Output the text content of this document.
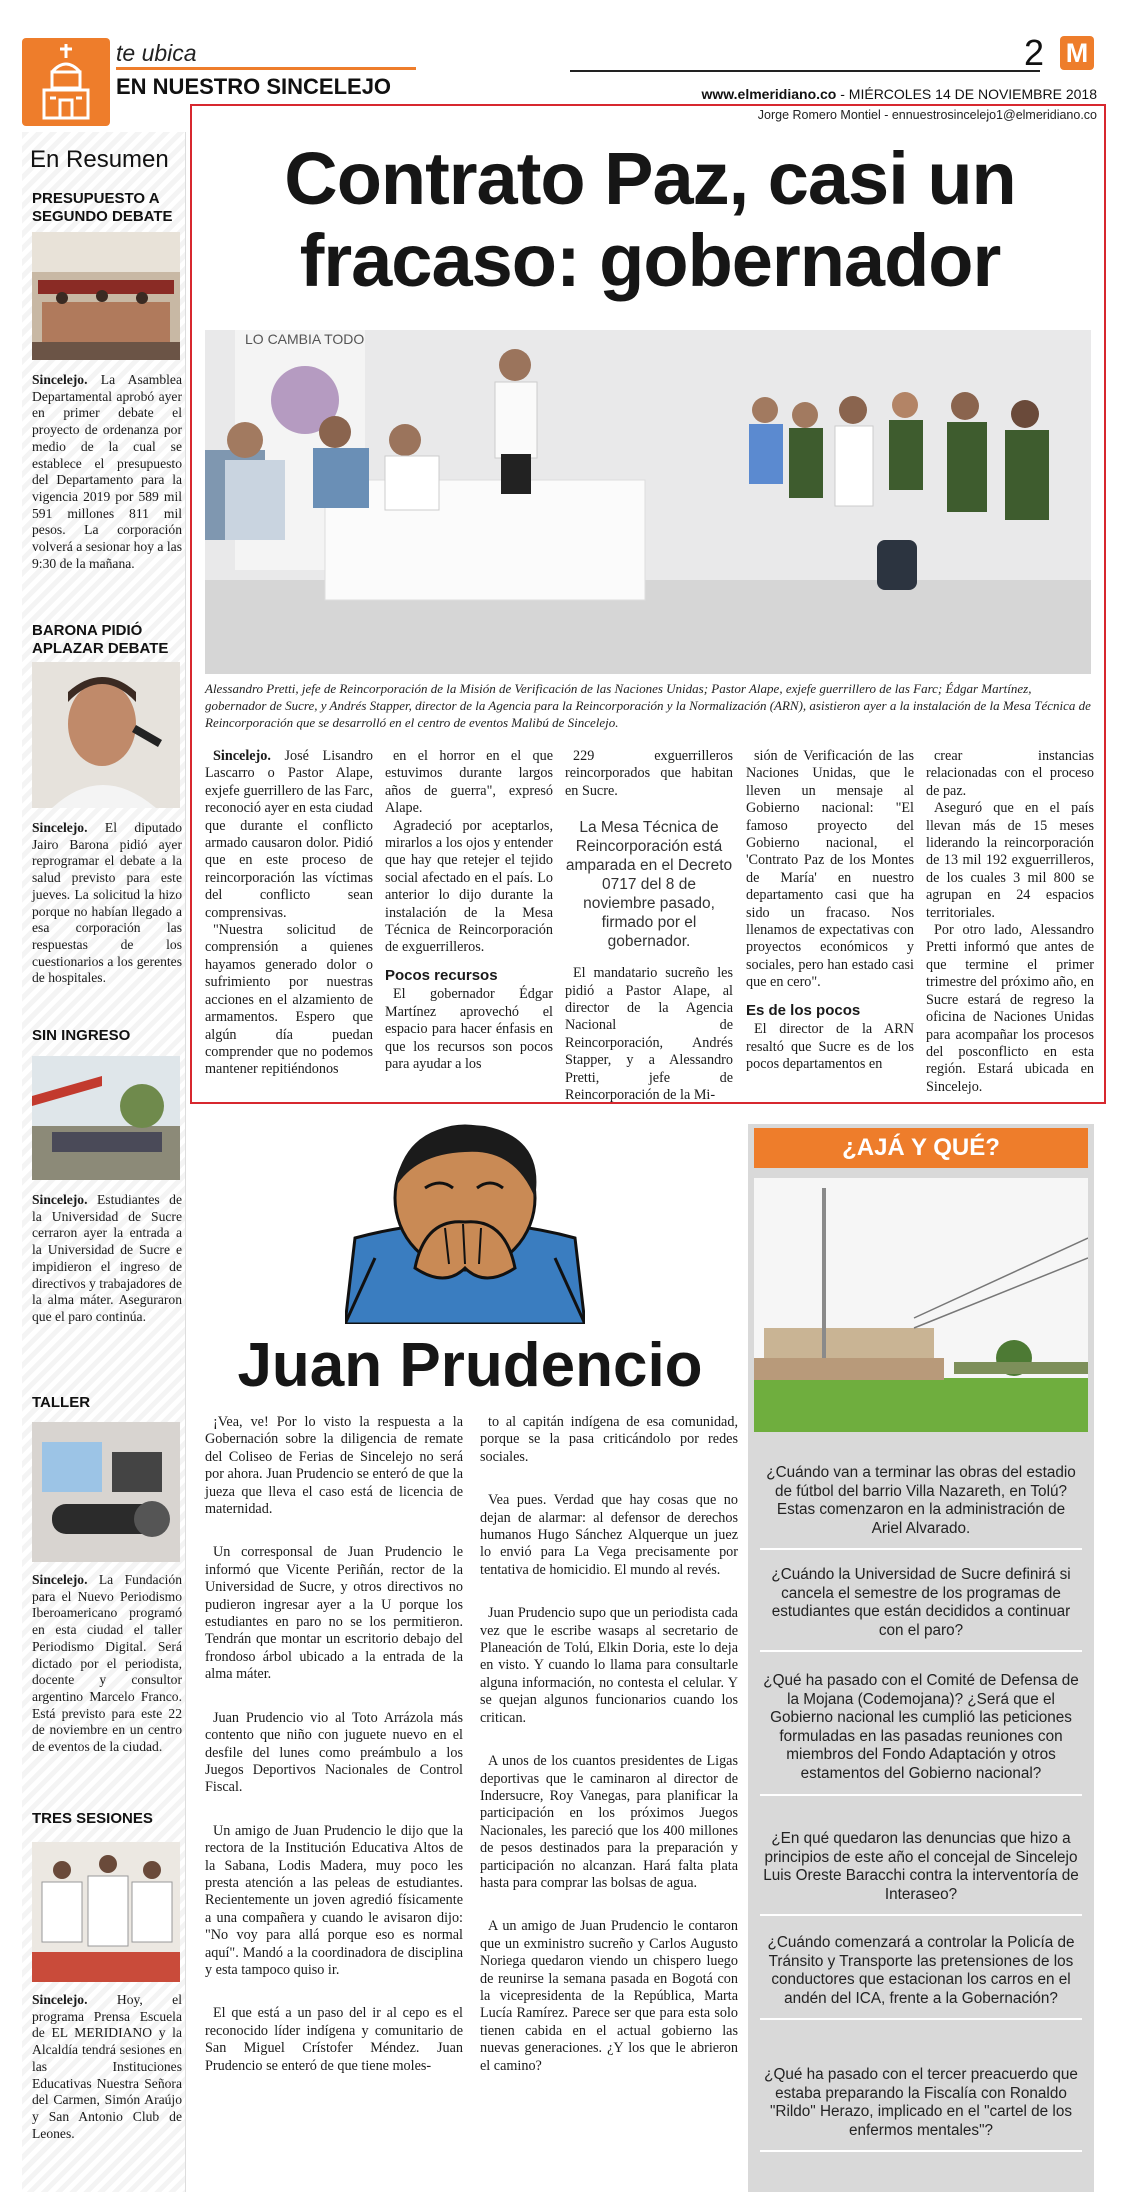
te ubica
EN NUESTRO SINCELEJO
2 M
www.elmeridiano.co - MIÉRCOLES 14 DE NOVIEMBRE 2018
En Resumen
PRESUPUESTO A SEGUNDO DEBATE
Sincelejo. La Asamblea Departamental aprobó ayer en primer debate el proyecto de ordenanza por medio de la cual se establece el presupuesto del Departamento para la vigencia 2019 por 589 mil 591 millones 811 mil pesos. La corporación volverá a sesionar hoy a las 9:30 de la mañana.
BARONA PIDIÓ APLAZAR DEBATE
Sincelejo. El diputado Jairo Barona pidió ayer reprogramar el debate a la salud previsto para este jueves. La solicitud la hizo porque no habían llegado a esa corporación las respuestas de los cuestionarios a los gerentes de hospitales.
SIN INGRESO
Sincelejo. Estudiantes de la Universidad de Sucre cerraron ayer la entrada a la Universidad de Sucre e impidieron el ingreso de directivos y trabajadores de la alma máter. Aseguraron que el paro continúa.
TALLER
Sincelejo. La Fundación para el Nuevo Periodismo Iberoamericano programó en esta ciudad el taller Periodismo Digital. Será dictado por el periodista, docente y consultor argentino Marcelo Franco. Está previsto para este 22 de noviembre en un centro de eventos de la ciudad.
TRES SESIONES
Sincelejo. Hoy, el programa Prensa Escuela de EL MERIDIANO y la Alcaldía tendrá sesiones en las Instituciones Educativas Nuestra Señora del Carmen, Simón Araújo y San Antonio Club de Leones.
Jorge Romero Montiel - ennuestrosincelejo1@elmeridiano.co
Contrato Paz, casi un fracaso: gobernador
LO CAMBIA TODO
Alessandro Pretti, jefe de Reincorporación de la Misión de Verificación de las Naciones Unidas; Pastor Alape, exjefe guerrillero de las Farc; Édgar Martínez, gobernador de Sucre, y Andrés Stapper, director de la Agencia para la Reincorporación y la Normalización (ARN), asistieron ayer a la instalación de la Mesa Técnica de Reincorporación que se desarrolló en el centro de eventos Malibú de Sincelejo.

Sincelejo. José Lisandro Lascarro o Pastor Alape, exjefe guerrillero de las Farc, reconoció ayer en esta ciudad que durante el conflicto armado causaron dolor. Pidió que en este proceso de reincorporación las víctimas del conflicto sean comprensivas.

"Nuestra solicitud de comprensión a quienes hayamos generado dolor o sufrimiento por nuestras acciones en el alzamiento de armamentos. Espero que algún día puedan comprender que no podemos mantener repitiéndonos

en el horror en el que estuvimos durante largos años de guerra", expresó Alape.

Agradeció por aceptarlos, mirarlos a los ojos y entender que hay que retejer el tejido social afectado en el país. Lo anterior lo dijo durante la instalación de la Mesa Técnica de Reincorporación de exguerrilleros.

Pocos recursos

El gobernador Édgar Martínez aprovechó el espacio para hacer énfasis en que los recursos son pocos para ayudar a los

229 exguerrilleros reincorporados que habitan en Sucre.

La Mesa Técnica de Reincorporación está amparada en el Decreto 0717 del 8 de noviembre pasado, firmado por el gobernador.

El mandatario sucreño les pidió a Pastor Alape, al director de la Agencia Nacional de Reincorporación, Andrés Stapper, y a Alessandro Pretti, jefe de Reincorporación de la Mi-

sión de Verificación de las Naciones Unidas, que le lleven un mensaje al Gobierno nacional: "El famoso proyecto del Gobierno nacional, el 'Contrato Paz de los Montes de María' en nuestro departamento casi que ha sido un fracaso. Nos llenamos de expectativas con proyectos económicos y sociales, pero han estado casi que en cero".

Es de los pocos

El director de la ARN resaltó que Sucre es de los pocos departamentos en

crear instancias relacionadas con el proceso de paz.

Aseguró que en el país llevan más de 15 meses liderando la reincorporación de 13 mil 192 exguerrilleros, de los cuales 3 mil 800 se agrupan en 24 espacios territoriales.

Por otro lado, Alessandro Pretti informó que antes de que termine el primer trimestre del próximo año, en Sucre estará de regreso la oficina de Naciones Unidas para acompañar los procesos del posconflicto en esta región. Estará ubicada en Sincelejo.

Juan Prudencio

¡Vea, ve! Por lo visto la respuesta a la Gobernación sobre la diligencia de remate del Coliseo de Ferias de Sincelejo no será por ahora. Juan Prudencio se enteró de que la jueza que lleva el caso está de licencia de maternidad.

Un corresponsal de Juan Prudencio le informó que Vicente Periñán, rector de la Universidad de Sucre, y otros directivos no pudieron ingresar ayer a la U porque los estudiantes en paro no se los permitieron. Tendrán que montar un escritorio debajo del frondoso árbol ubicado a la entrada de la alma máter.

Juan Prudencio vio al Toto Arrázola más contento que niño con juguete nuevo en el desfile del lunes como preámbulo a los Juegos Deportivos Nacionales de Control Fiscal.

Un amigo de Juan Prudencio le dijo que la rectora de la Institución Educativa Altos de la Sabana, Lodis Madera, muy poco les presta atención a las peleas de estudiantes. Recientemente un joven agredió físicamente a una compañera y cuando le avisaron dijo: "No voy para allá porque eso es normal aquí". Mandó a la coordinadora de disciplina y esta tampoco quiso ir.

El que está a un paso del ir al cepo es el reconocido líder indígena y comunitario de San Miguel Crístofer Méndez. Juan Prudencio se enteró de que tiene moles-

to al capitán indígena de esa comunidad, porque se la pasa criticándolo por redes sociales.

Vea pues. Verdad que hay cosas que no dejan de alarmar: al defensor de derechos humanos Hugo Sánchez Alquerque un juez lo envió para La Vega precisamente por tentativa de homicidio. El mundo al revés.

Juan Prudencio supo que un periodista cada vez que le escribe wasaps al secretario de Planeación de Tolú, Elkin Doria, este lo deja en visto. Y cuando lo llama para consultarle alguna información, no contesta el celular. Y se quejan algunos funcionarios cuando los critican.

A unos de los cuantos presidentes de Ligas deportivas que le caminaron al director de Indersucre, Roy Vanegas, para planificar la participación en los próximos Juegos Nacionales, les pareció que los 400 millones de pesos destinados para la preparación y participación no alcanzan. Hará falta plata hasta para comprar las bolsas de agua.

A un amigo de Juan Prudencio le contaron que un exministro sucreño y Carlos Augusto Noriega quedaron viendo un chispero luego de reunirse la semana pasada en Bogotá con la vicepresidenta de la República, Marta Lucía Ramírez. Parece ser que para esta solo tienen cabida en el actual gobierno las nuevas generaciones. ¿Y los que le abrieron el camino?

¿AJÁ Y QUÉ?
¿Cuándo van a terminar las obras del estadio de fútbol del barrio Villa Nazareth, en Tolú? Estas comenzaron en la administración de Ariel Alvarado.
¿Cuándo la Universidad de Sucre definirá si cancela el semestre de los programas de estudiantes que están decididos a continuar con el paro?
¿Qué ha pasado con el Comité de Defensa de la Mojana (Codemojana)? ¿Será que el Gobierno nacional les cumplió las peticiones formuladas en las pasadas reuniones con miembros del Fondo Adaptación y otros estamentos del Gobierno nacional?
¿En qué quedaron las denuncias que hizo a principios de este año el concejal de Sincelejo Luis Oreste Baracchi contra la interventoría de Interaseo?
¿Cuándo comenzará a controlar la Policía de Tránsito y Transporte las pretensiones de los conductores que estacionan los carros en el andén del ICA, frente a la Gobernación?
¿Qué ha pasado con el tercer preacuerdo que estaba preparando la Fiscalía con Ronaldo "Rildo" Herazo, implicado en el "cartel de los enfermos mentales"?
